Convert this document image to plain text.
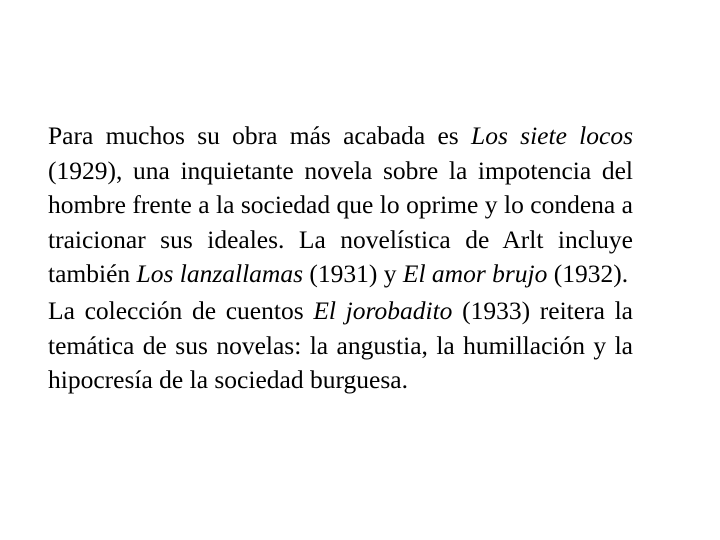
Para muchos su obra más acabada es Los siete locos (1929), una inquietante novela sobre la impotencia del hombre frente a la sociedad que lo oprime y lo condena a traicionar sus ideales. La novelística de Arlt incluye también Los lanzallamas (1931) y El amor brujo (1932).

La colección de cuentos El jorobadito (1933) reitera la temática de sus novelas: la angustia, la humillación y la hipocresía de la sociedad burguesa.
